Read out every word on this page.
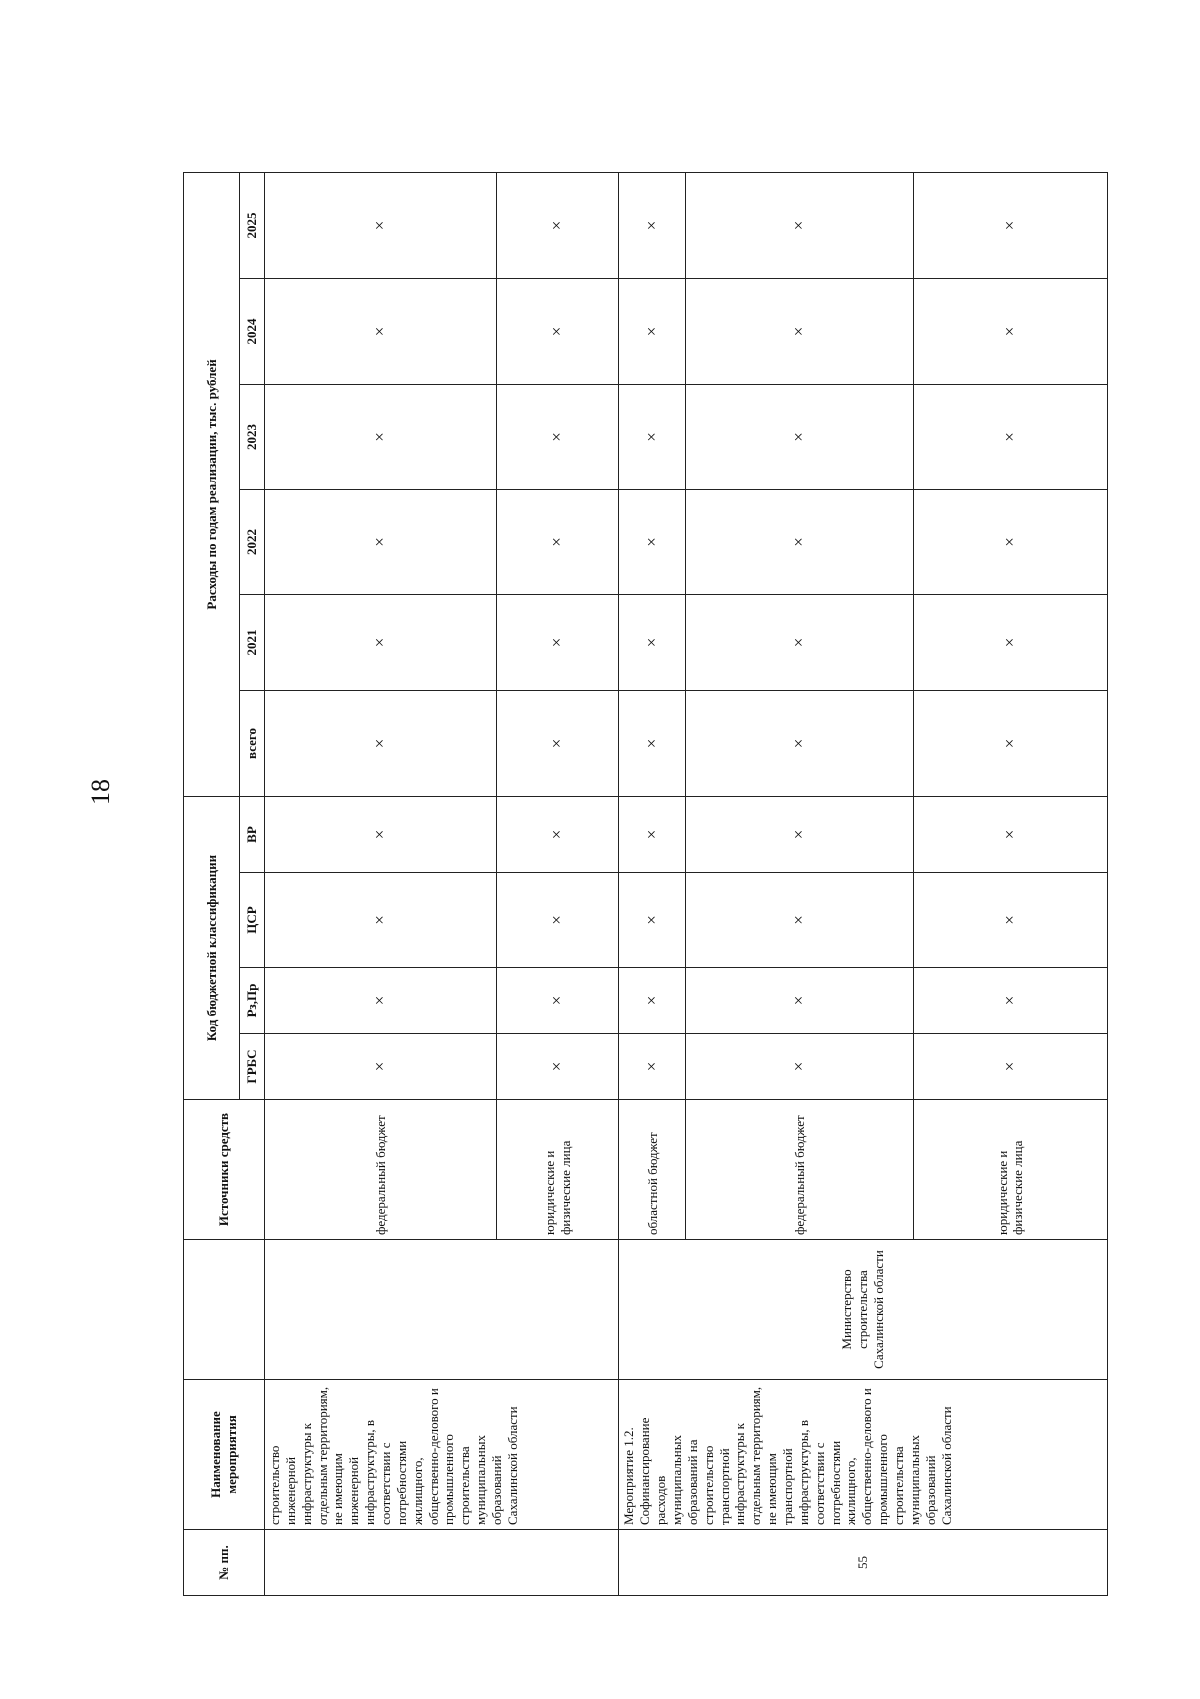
18
№ пп.	Наименование мероприятия		Источники средств	Код бюджетной классификации				Расходы по годам реализации, тыс. рублей					
				ГРБС	Рз,Пр	ЦСР	ВР	всего	2021	2022	2023	2024	2025
	строительство инженерной инфраструктуры к отдельным территориям, не имеющим инженерной инфраструктуры, в соответствии с потребностями жилищного, общественно-делового и промышленного строительства муниципальных образований Сахалинской области		федеральный бюджет	×	×	×	×	×	×	×	×	×	×
			юридические и физические лица	×	×	×	×	×	×	×	×	×	×
55	Мероприятие 1.2. Софинансирование расходов муниципальных образований на строительство транспортной инфраструктуры к отдельным территориям, не имеющим транспортной инфраструктуры, в соответствии с потребностями жилищного, общественно-делового и промышленного строительства муниципальных образований Сахалинской области	Министерство строительства Сахалинской области	областной бюджет	×	×	×	×	×	×	×	×	×	×
			федеральный бюджет	×	×	×	×	×	×	×	×	×	×
			юридические и физические лица	×	×	×	×	×	×	×	×	×	×
